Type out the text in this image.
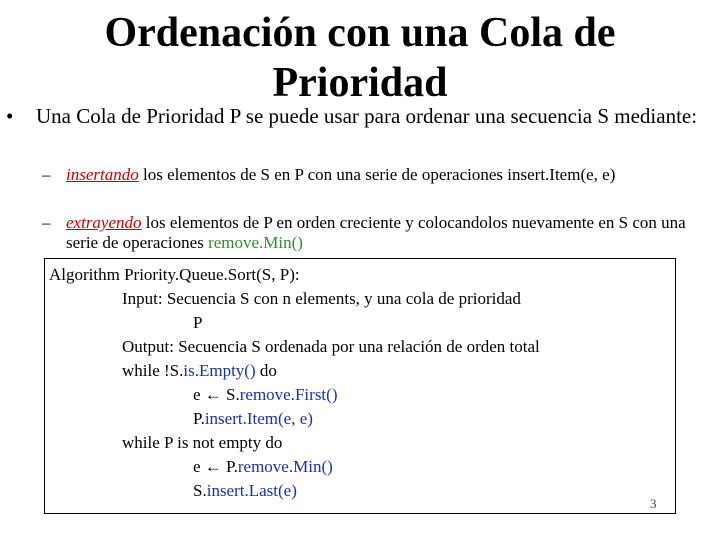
Ordenación con una Cola de Prioridad
• Una Cola de Prioridad P se puede usar para ordenar una secuencia S mediante:
– insertando los elementos de S en P con una serie de operaciones insert.Item(e, e)
– extrayendo los elementos de P en orden creciente y colocandolos nuevamente en S con una serie de operaciones remove.Min()
Algorithm Priority.Queue.Sort(S, P):
Input: Secuencia S con n elements, y una cola de prioridad
P
Output: Secuencia S ordenada por una relación de orden total
while !S.is.Empty() do
e ← S.remove.First()
P.insert.Item(e, e)
while P is not empty do
e ← P.remove.Min()
S.insert.Last(e)
3
